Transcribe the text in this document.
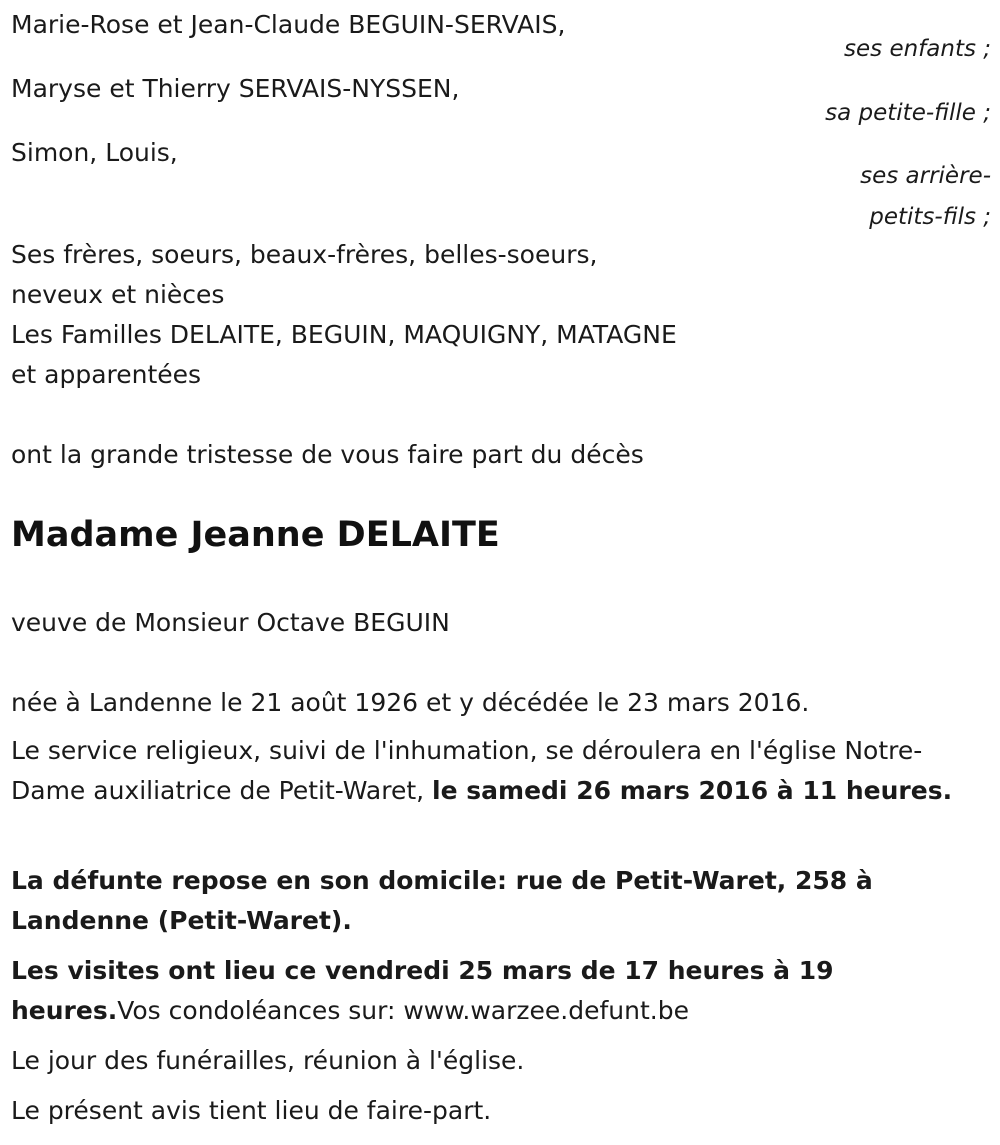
Marie-Rose et Jean-Claude BEGUIN-SERVAIS,
ses enfants ;
Maryse et Thierry SERVAIS-NYSSEN,
sa petite-fille ;
Simon, Louis,
ses arrière-
petits-fils ;
Ses frères, soeurs, beaux-frères, belles-soeurs,
neveux et nièces
Les Familles DELAITE, BEGUIN, MAQUIGNY, MATAGNE
et apparentées
ont la grande tristesse de vous faire part du décès
Madame Jeanne DELAITE
veuve de Monsieur Octave BEGUIN
née à Landenne le 21 août 1926 et y décédée le 23 mars 2016.
Le service religieux, suivi de l'inhumation, se déroulera en l'église Notre-Dame auxiliatrice de Petit-Waret, le samedi 26 mars 2016 à 11 heures.
La défunte repose en son domicile: rue de Petit-Waret, 258 à Landenne (Petit-Waret).
Les visites ont lieu ce vendredi 25 mars de 17 heures à 19 heures.Vos condoléances sur: www.warzee.defunt.be
Le jour des funérailles, réunion à l'église.
Le présent avis tient lieu de faire-part.
